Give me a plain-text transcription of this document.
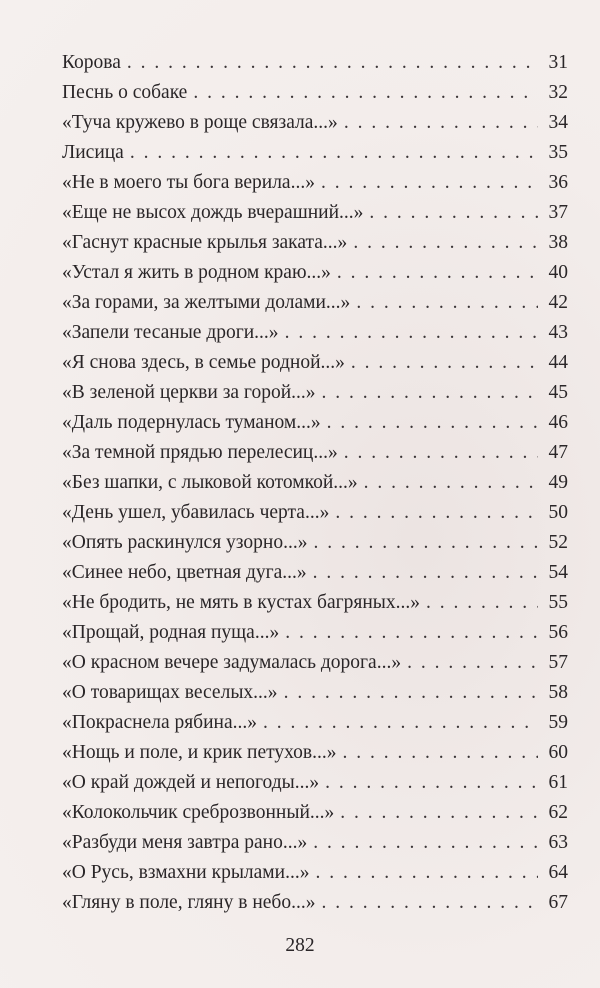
Корова . . .	31
Песнь о собаке . . .	32
«Туча кружево в роще связала...» . . .	34
Лисица . . .	35
«Не в моего ты бога верила...» . . .	36
«Еще не высох дождь вчерашний...» . . .	37
«Гаснут красные крылья заката...» . . .	38
«Устал я жить в родном краю...» . . .	40
«За горами, за желтыми долами...» . . .	42
«Запели тесаные дроги...» . . .	43
«Я снова здесь, в семье родной...» . . .	44
«В зеленой церкви за горой...» . . .	45
«Даль подернулась туманом...» . . .	46
«За темной прядью перелесиц...» . . .	47
«Без шапки, с лыковой котомкой...» . . .	49
«День ушел, убавилась черта...» . . .	50
«Опять раскинулся узорно...» . . .	52
«Синее небо, цветная дуга...» . . .	54
«Не бродить, не мять в кустах багряных...» . . .	55
«Прощай, родная пуща...» . . .	56
«О красном вечере задумалась дорога...» . . .	57
«О товарищах веселых...» . . .	58
«Покраснела рябина...» . . .	59
«Нощь и поле, и крик петухов...» . . .	60
«О край дождей и непогоды...» . . .	61
«Колокольчик среброзвонный...» . . .	62
«Разбуди меня завтра рано...» . . .	63
«О Русь, взмахни крылами...» . . .	64
«Гляну в поле, гляну в небо...» . . .	67
282
